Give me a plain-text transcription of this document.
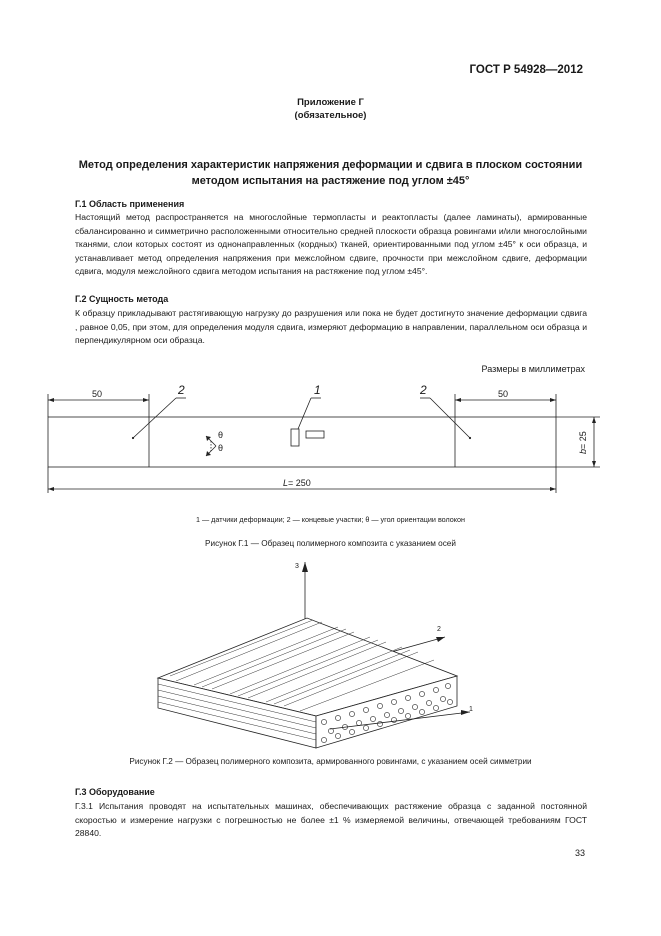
ГОСТ Р 54928—2012
Приложение Г
(обязательное)
Метод определения характеристик напряжения деформации и сдвига в плоском состоянии
методом испытания на растяжение под углом ±45°
Г.1 Область применения
Настоящий метод распространяется на многослойные термопласты и реактопласты (далее ламинаты), армированные сбалансированно и симметрично расположенными относительно средней плоскости образца ровингами и/или многослойными тканями, слои которых состоят из однонаправленных (кордных) тканей, ориентированными под углом ±45° к оси образца, и устанавливает метод определения напряжения при межслойном сдвиге, прочности при межслойном сдвиге, деформации сдвига, модуля межслойного сдвига методом испытания на растяжение под углом ±45°.
Г.2 Сущность метода
К образцу прикладывают растягивающую нагрузку до разрушения или пока не будет достигнуто значение деформации сдвига , равное 0,05, при этом, для определения модуля сдвига, измеряют деформацию в направлении, параллельном оси образца и перпендикулярном оси образца.
Размеры в миллиметрах
50	50
L= 250
b= 25
2	1	2
θ
θ
1 — датчики деформации; 2 — концевые участки; θ — угол ориентации волокон
Рисунок Г.1 — Образец полимерного композита с указанием осей
3
2
1
Рисунок Г.2 — Образец полимерного композита, армированного ровингами, с указанием осей симметрии
Г.3 Оборудование
Г.3.1 Испытания проводят на испытательных машинах, обеспечивающих растяжение образца с заданной постоянной скоростью и измерение нагрузки с погрешностью не более ±1 % измеряемой величины, отвечающей требованиям ГОСТ 28840.
33
